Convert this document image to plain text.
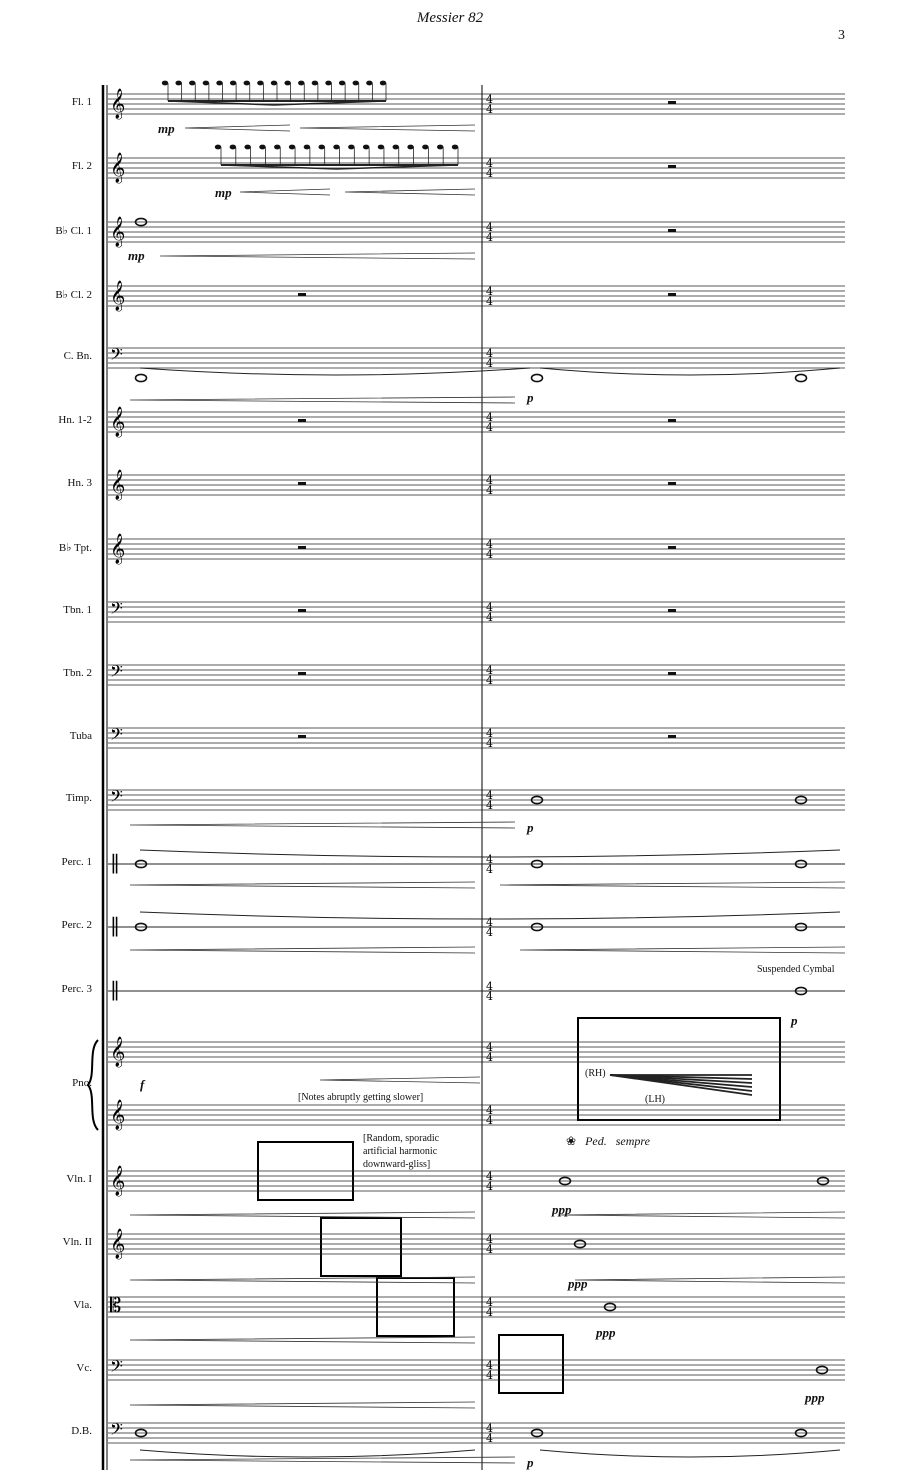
Messier 82
3
Fl. 1
Fl. 2
B♭ Cl. 1
B♭ Cl. 2
C. Bn.
Hn. 1-2
Hn. 3
B♭ Tpt.
Tbn. 1
Tbn. 2
Tuba
Timp.
Perc. 1
Perc. 2
Perc. 3
Pno.
Vln. I
Vln. II
Vla.
Vc.
D.B.
𝄞	4
4
𝄞	4
4
𝄞	4
4
𝄞	4
4
𝄢	4
4
𝄞	4
4
𝄞	4
4
𝄞	4
4
𝄢	4
4
𝄢	4
4
𝄢	4
4
𝄢	4
4
‖	4
4
‖	4
4
‖	4
4
𝄞	4
4
𝄞	4
4
𝄞	4
4
𝄞	4
4
𝄡	4
4
𝄢	4
4
𝄢	4
4
mp
mp
mp
p
p
f
p
ppp
ppp
ppp
ppp
p
Suspended Cymbal
[Notes abruptly getting slower]
[Random, sporadic
artificial harmonic
downward-gliss]
(RH)
(LH)
❀ Ped. sempre
